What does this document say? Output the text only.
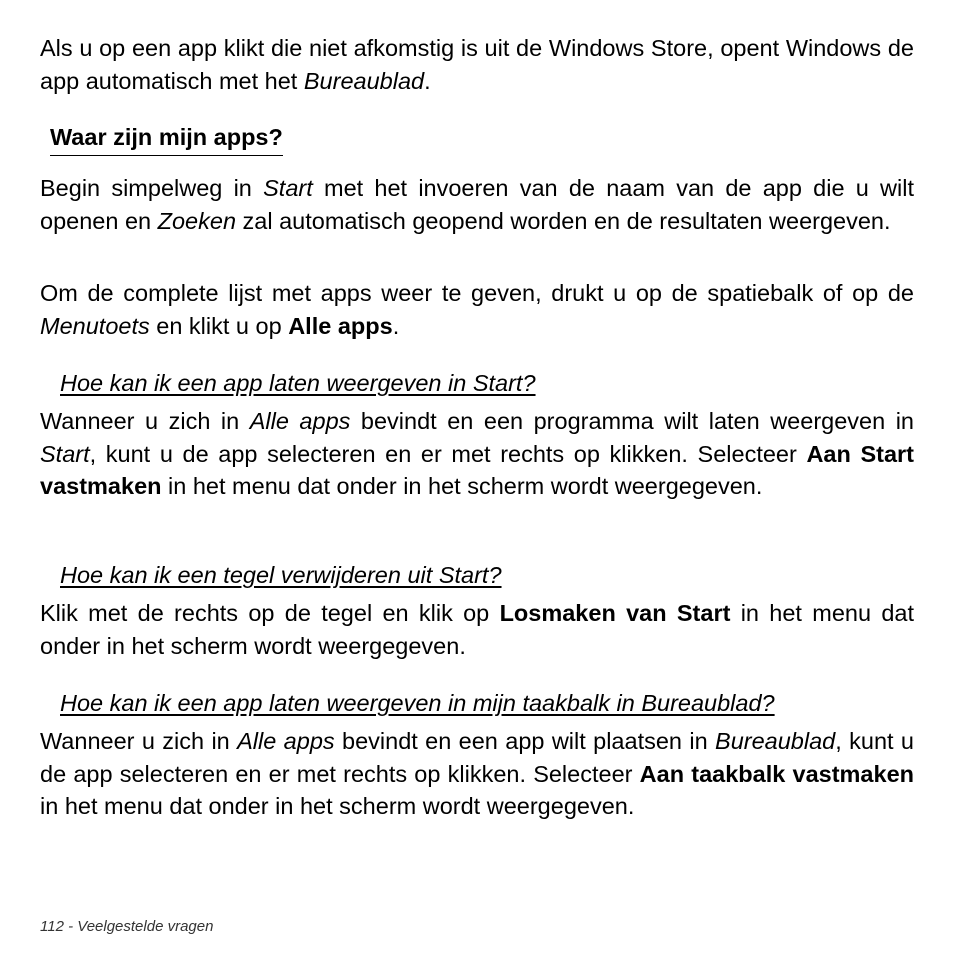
Als u op een app klikt die niet afkomstig is uit de Windows Store, opent Windows de app automatisch met het Bureaublad.

Waar zijn mijn apps?

Begin simpelweg in Start met het invoeren van de naam van de app die u wilt openen en Zoeken zal automatisch geopend worden en de resultaten weergeven.

Om de complete lijst met apps weer te geven, drukt u op de spatiebalk of op de Menutoets en klikt u op Alle apps.

Hoe kan ik een app laten weergeven in Start?

Wanneer u zich in Alle apps bevindt en een programma wilt laten weergeven in Start, kunt u de app selecteren en er met rechts op klikken. Selecteer Aan Start vastmaken in het menu dat onder in het scherm wordt weergegeven.

Hoe kan ik een tegel verwijderen uit Start?

Klik met de rechts op de tegel en klik op Losmaken van Start in het menu dat onder in het scherm wordt weergegeven.

Hoe kan ik een app laten weergeven in mijn taakbalk in Bureaublad?

Wanneer u zich in Alle apps bevindt en een app wilt plaatsen in Bureaublad, kunt u de app selecteren en er met rechts op klikken. Selecteer Aan taakbalk vastmaken in het menu dat onder in het scherm wordt weergegeven.

112 - Veelgestelde vragen
